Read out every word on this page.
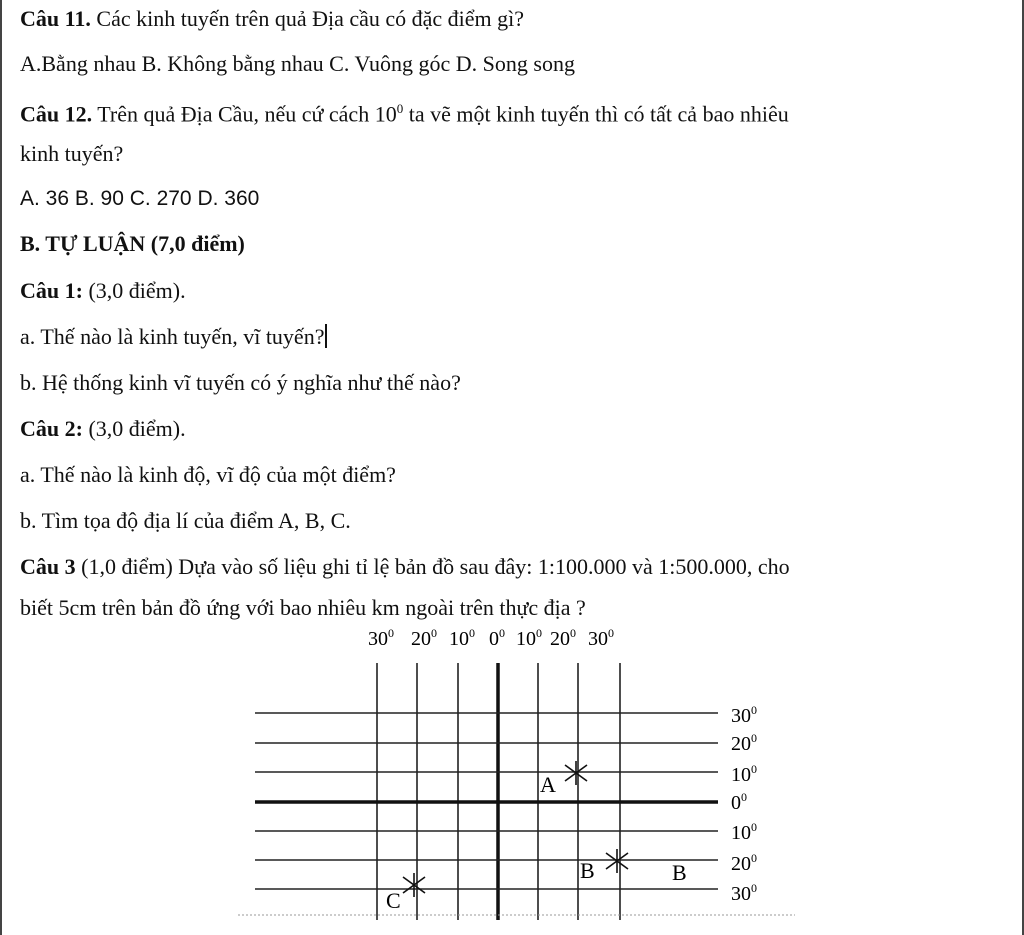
Câu 11. Các kinh tuyến trên quả Địa cầu có đặc điểm gì?
A.Bằng nhau B. Không bằng nhau C. Vuông góc D. Song song
Câu 12. Trên quả Địa Cầu, nếu cứ cách $10^0$ ta vẽ một kinh tuyến thì có tất cả bao nhiêu
kinh tuyến?
A. 36 B. 90 C. 270 D. 360
B. TỰ LUẬN (7,0 điểm)
Câu 1: (3,0 điểm).
a. Thế nào là kinh tuyến, vĩ tuyến?
b. Hệ thống kinh vĩ tuyến có ý nghĩa như thế nào?
Câu 2: (3,0 điểm).
a. Thế nào là kinh độ, vĩ độ của một điểm?
b. Tìm tọa độ địa lí của điểm A, B, C.
Câu 3 (1,0 điểm) Dựa vào số liệu ghi tỉ lệ bản đồ sau đây: 1:100.000 và 1:500.000, cho
biết 5cm trên bản đồ ứng với bao nhiêu km ngoài trên thực địa ?
$30^0$ $20^0$ $10^0$ $0^0$ $10^0$ $20^0$ $30^0$
$30^0$
$20^0$
$10^0$
$0^0$
$10^0$
$20^0$
$30^0$
A
B	B
C
